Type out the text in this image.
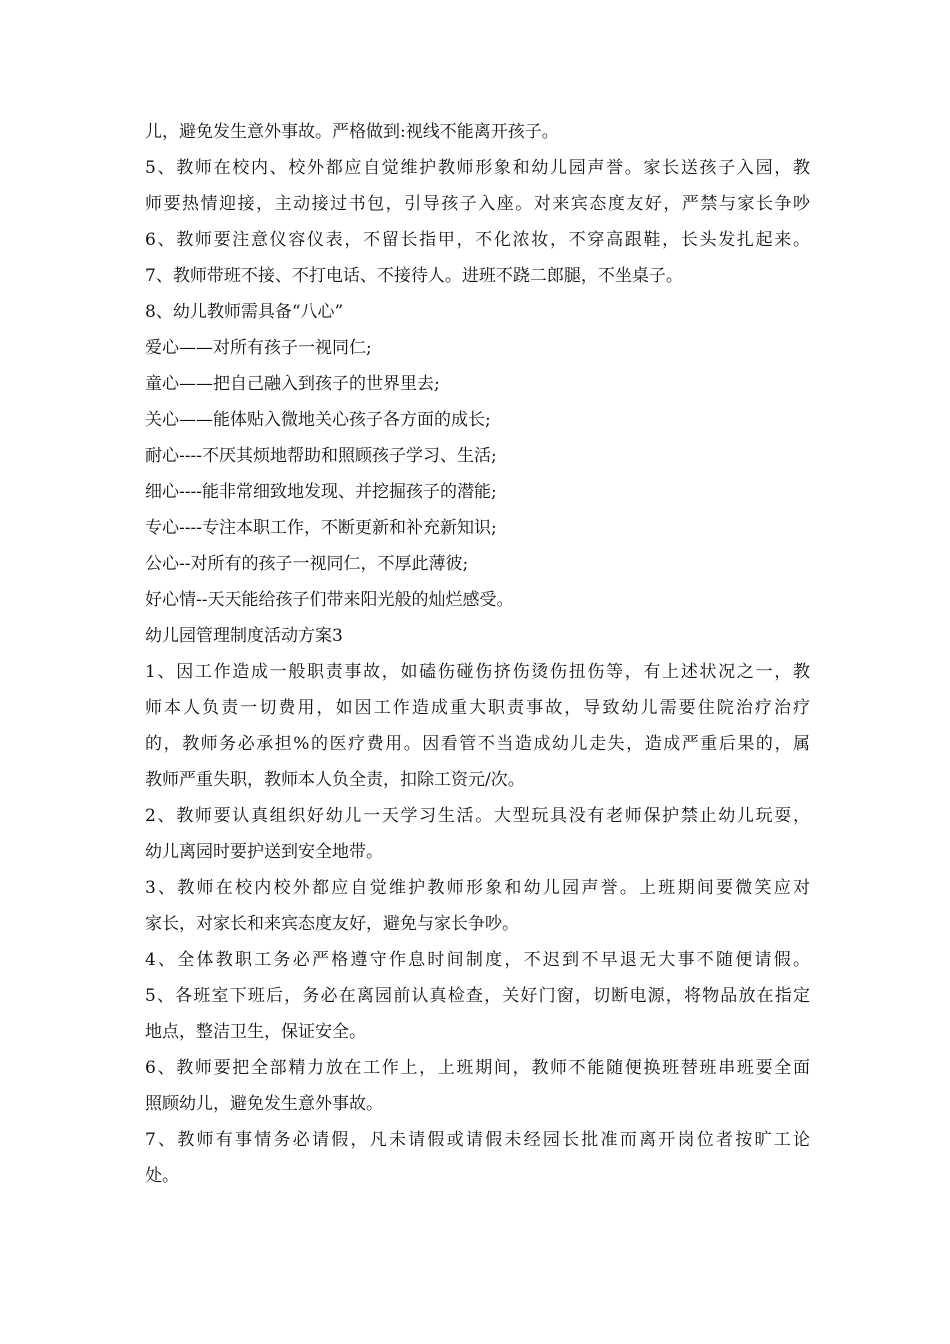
儿，避免发生意外事故。严格做到:视线不能离开孩子。
5、教师在校内、校外都应自觉维护教师形象和幼儿园声誉。家长送孩子入园，教
师要热情迎接，主动接过书包，引导孩子入座。对来宾态度友好，严禁与家长争吵
6、教师要注意仪容仪表，不留长指甲，不化浓妆，不穿高跟鞋，长头发扎起来。
7、教师带班不接、不打电话、不接待人。进班不跷二郎腿，不坐桌子。
8、幼儿教师需具备“八心”
爱心——对所有孩子一视同仁;
童心——把自己融入到孩子的世界里去;
关心——能体贴入微地关心孩子各方面的成长;
耐心----不厌其烦地帮助和照顾孩子学习、生活;
细心----能非常细致地发现、并挖掘孩子的潜能;
专心----专注本职工作，不断更新和补充新知识;
公心--对所有的孩子一视同仁，不厚此薄彼;
好心情--天天能给孩子们带来阳光般的灿烂感受。
幼儿园管理制度活动方案3
1、因工作造成一般职责事故，如磕伤碰伤挤伤烫伤扭伤等，有上述状况之一，教
师本人负责一切费用，如因工作造成重大职责事故，导致幼儿需要住院治疗治疗
的，教师务必承担%的医疗费用。因看管不当造成幼儿走失，造成严重后果的，属
教师严重失职，教师本人负全责，扣除工资元/次。
2、教师要认真组织好幼儿一天学习生活。大型玩具没有老师保护禁止幼儿玩耍，
幼儿离园时要护送到安全地带。
3、教师在校内校外都应自觉维护教师形象和幼儿园声誉。上班期间要微笑应对
家长，对家长和来宾态度友好，避免与家长争吵。
4、全体教职工务必严格遵守作息时间制度，不迟到不早退无大事不随便请假。
5、各班室下班后，务必在离园前认真检查，关好门窗，切断电源，将物品放在指定
地点，整洁卫生，保证安全。
6、教师要把全部精力放在工作上，上班期间，教师不能随便换班替班串班要全面
照顾幼儿，避免发生意外事故。
7、教师有事情务必请假，凡未请假或请假未经园长批准而离开岗位者按旷工论
处。
